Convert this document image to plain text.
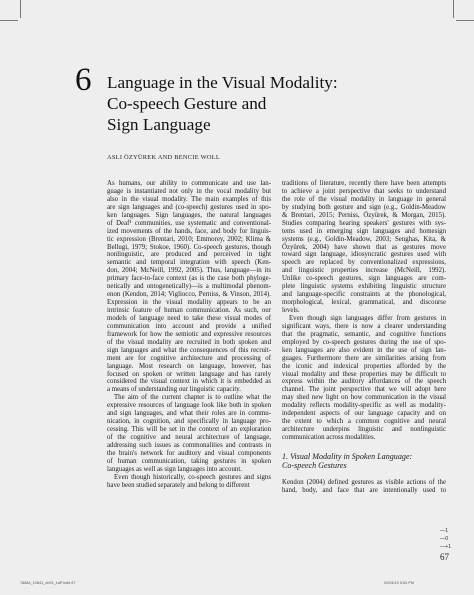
6 Language in the Visual Modality:
Co-speech Gesture and
Sign Language
ASLI ÖZYÜREK AND BENCIE WOLL
As humans, our ability to communicate and use lan-
guage is instantiated not only in the vocal modality but
also in the visual modality. The main examples of this
are sign languages and (co-speech) gestures used in spo-
ken languages. Sign languages, the natural languages
of Deaf¹ communities, use systematic and conventional-
ized movements of the hands, face, and body for linguis-
tic expression (Brentari, 2010; Emmorey, 2002; Klima &
Bellugi, 1979; Stokoe, 1960). Co-speech gestures, though
nonlinguistic, are produced and perceived in tight
semantic and temporal integration with speech (Ken-
don, 2004; McNeill, 1992, 2005). Thus, language—in its
primary face-to-face context (as is the case both phyloge-
netically and ontogenetically)—is a multimodal phenom-
enon (Kendon, 2014; Vigliocco, Perniss, & Vinson, 2014).
Expression in the visual modality appears to be an
intrinsic feature of human communication. As such, our
models of language need to take these visual modes of
communication into account and provide a unified
framework for how the semiotic and expressive resources
of the visual modality are recruited in both spoken and
sign languages and what the consequences of this recruit-
ment are for cognitive architecture and processing of
language. Most research on language, however, has
focused on spoken or written language and has rarely
considered the visual context in which it is embedded as
a means of understanding our linguistic capacity.
The aim of the current chapter is to outline what the
expressive resources of language look like both in spoken
and sign languages, and what their roles are in commu-
nication, in cognition, and specifically in language pro-
cessing. This will be set in the context of an exploration
of the cognitive and neural architecture of language,
addressing such issues as commonalities and contrasts in
the brain's network for auditory and visual components
of human communication, taking gestures in spoken
languages as well as sign languages into account.
Even though historically, co-speech gestures and signs
have been studied separately and belong to different
traditions of literature, recently there have been attempts
to achieve a joint perspective that seeks to understand
the role of the visual modality in language in general
by studying both gesture and sign (e.g., Goldin-Meadow
& Brentari, 2015; Perniss, Özyürek, & Morgan, 2015).
Studies comparing hearing speakers' gestures with sys-
tems used in emerging sign languages and homesign
systems (e.g., Goldin-Meadow, 2003; Senghas, Kita, &
Özyürek, 2004) have shown that as gestures move
toward sign language, idiosyncratic gestures used with
speech are replaced by conventionalized expressions,
and linguistic properties increase (McNeill, 1992).
Unlike co-speech gestures, sign languages are com-
plete linguistic systems exhibiting linguistic structure
and language-specific constraints at the phonological,
morphological, lexical, grammatical, and discourse
levels.
Even though sign languages differ from gestures in
significant ways, there is now a clearer understanding
that the pragmatic, semantic, and cognitive functions
employed by co-speech gestures during the use of spo-
ken languages are also evident in the use of sign lan-
guages. Furthermore there are similarities arising from
the iconic and indexical properties afforded by the
visual modality and these properties may be difficult to
express within the auditory affordances of the speech
channel. The joint perspective that we will adopt here
may shed new light on how communication in the visual
modality reflects modality-specific as well as modality-
independent aspects of our language capacity and on
the extent to which a common cognitive and neural
architecture underpins linguistic and nonlinguistic
communication across modalities.
1. Visual Modality in Spoken Language:
Co-speech Gestures
Kendon (2004) defined gestures as visible actions of the
hand, body, and face that are intentionally used to
—1
—0
—+1
67
78884_10841_ch01_1aP.indd 67	02/04/19 5:54 PM
